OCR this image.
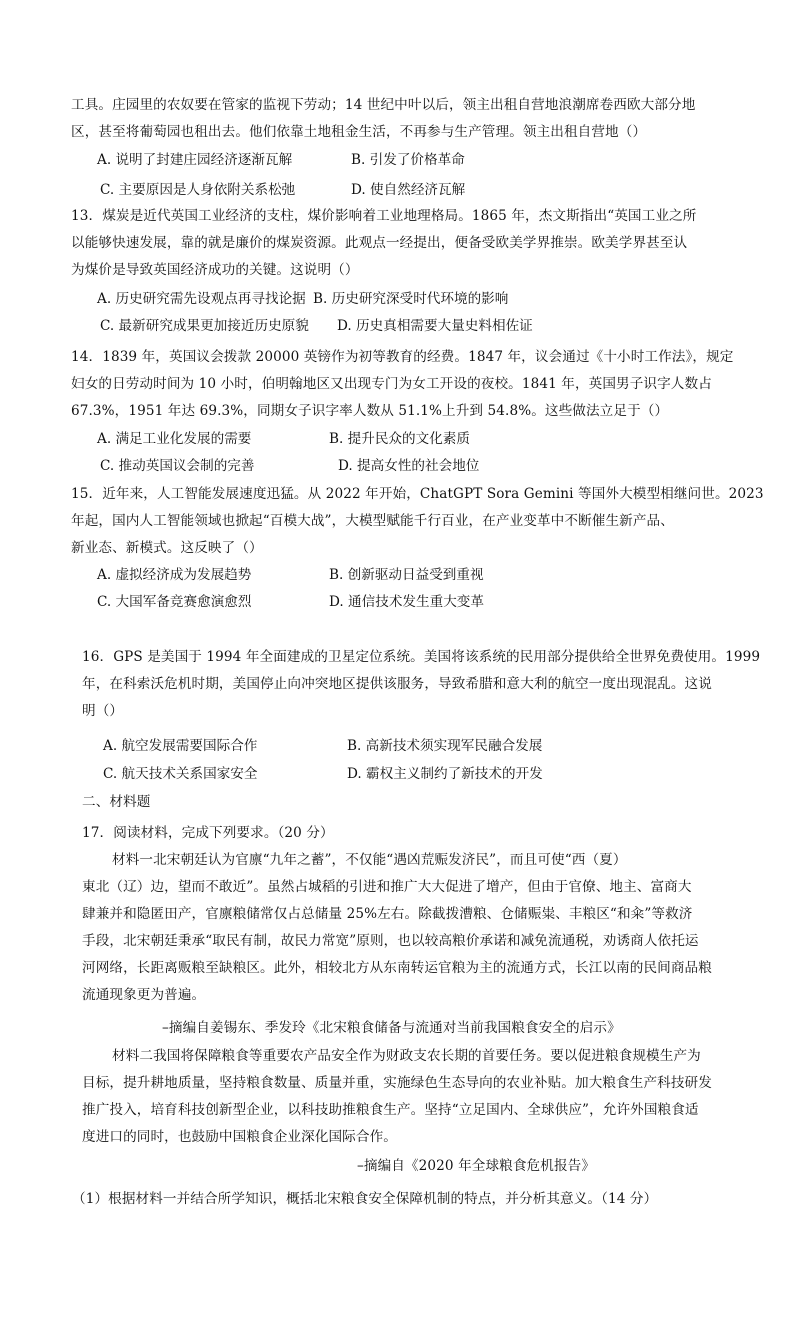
工具。庄园里的农奴要在管家的监视下劳动；14 世纪中叶以后，领主出租自营地浪潮席卷西欧大部分地
区，甚至将葡萄园也租出去。他们依靠土地租金生活，不再参与生产管理。领主出租自营地（）
A. 说明了封建庄园经济逐渐瓦解	B. 引发了价格革命
C. 主要原因是人身依附关系松弛	D. 使自然经济瓦解
13．煤炭是近代英国工业经济的支柱，煤价影响着工业地理格局。1865 年，杰文斯指出“英国工业之所
以能够快速发展，靠的就是廉价的煤炭资源。此观点一经提出，便备受欧美学界推崇。欧美学界甚至认
为煤价是导致英国经济成功的关键。这说明（）
A. 历史研究需先设观点再寻找论据 B. 历史研究深受时代环境的影响
C. 最新研究成果更加接近历史原貌 D. 历史真相需要大量史料相佐证
14．1839 年，英国议会拨款 20000 英镑作为初等教育的经费。1847 年，议会通过《十小时工作法》，规定
妇女的日劳动时间为 10 小时，伯明翰地区又出现专门为女工开设的夜校。1841 年，英国男子识字人数占
67.3%，1951 年达 69.3%，同期女子识字率人数从 51.1%上升到 54.8%。这些做法立足于（）
A. 满足工业化发展的需要	B. 提升民众的文化素质
C. 推动英国议会制的完善	D. 提高女性的社会地位
15．近年来，人工智能发展速度迅猛。从 2022 年开始，ChatGPT Sora Gemini 等国外大模型相继问世。2023
年起，国内人工智能领域也掀起“百模大战”，大模型赋能千行百业，在产业变革中不断催生新产品、
新业态、新模式。这反映了（）
A. 虚拟经济成为发展趋势	B. 创新驱动日益受到重视
C. 大国军备竞赛愈演愈烈	D. 通信技术发生重大变革
16．GPS 是美国于 1994 年全面建成的卫星定位系统。美国将该系统的民用部分提供给全世界免费使用。1999
年，在科索沃危机时期，美国停止向冲突地区提供该服务，导致希腊和意大利的航空一度出现混乱。这说
明（）
A. 航空发展需要国际合作	B. 高新技术须实现军民融合发展
C. 航天技术关系国家安全	D. 霸权主义制约了新技术的开发
二、材料题
17．阅读材料，完成下列要求。（20 分）
材料一北宋朝廷认为官廪“九年之蓄”，不仅能“遇凶荒赈发济民”，而且可使“西（夏）
東北（辽）边，望而不敢近”。虽然占城稻的引进和推广大大促进了增产，但由于官僚、地主、富商大
肆兼并和隐匿田产，官廪粮储常仅占总储量 25%左右。除截拨漕粮、仓储赈粜、丰粮区“和籴”等救济
手段，北宋朝廷秉承“取民有制，故民力常宽”原则，也以较高粮价承诺和减免流通税，劝诱商人依托运
河网络，长距离贩粮至缺粮区。此外，相较北方从东南转运官粮为主的流通方式，长江以南的民间商品粮
流通现象更为普遍。
–摘编自姜锡东、季发玲《北宋粮食储备与流通对当前我国粮食安全的启示》
材料二我国将保障粮食等重要农产品安全作为财政支农长期的首要任务。要以促进粮食规模生产为
目标，提升耕地质量，坚持粮食数量、质量并重，实施绿色生态导向的农业补贴。加大粮食生产科技研发
推广投入，培育科技创新型企业，以科技助推粮食生产。坚持“立足国内、全球供应”，允许外国粮食适
度进口的同时，也鼓励中国粮食企业深化国际合作。
–摘编自《2020 年全球粮食危机报告》
（1）根据材料一并结合所学知识，概括北宋粮食安全保障机制的特点，并分析其意义。（14 分）
